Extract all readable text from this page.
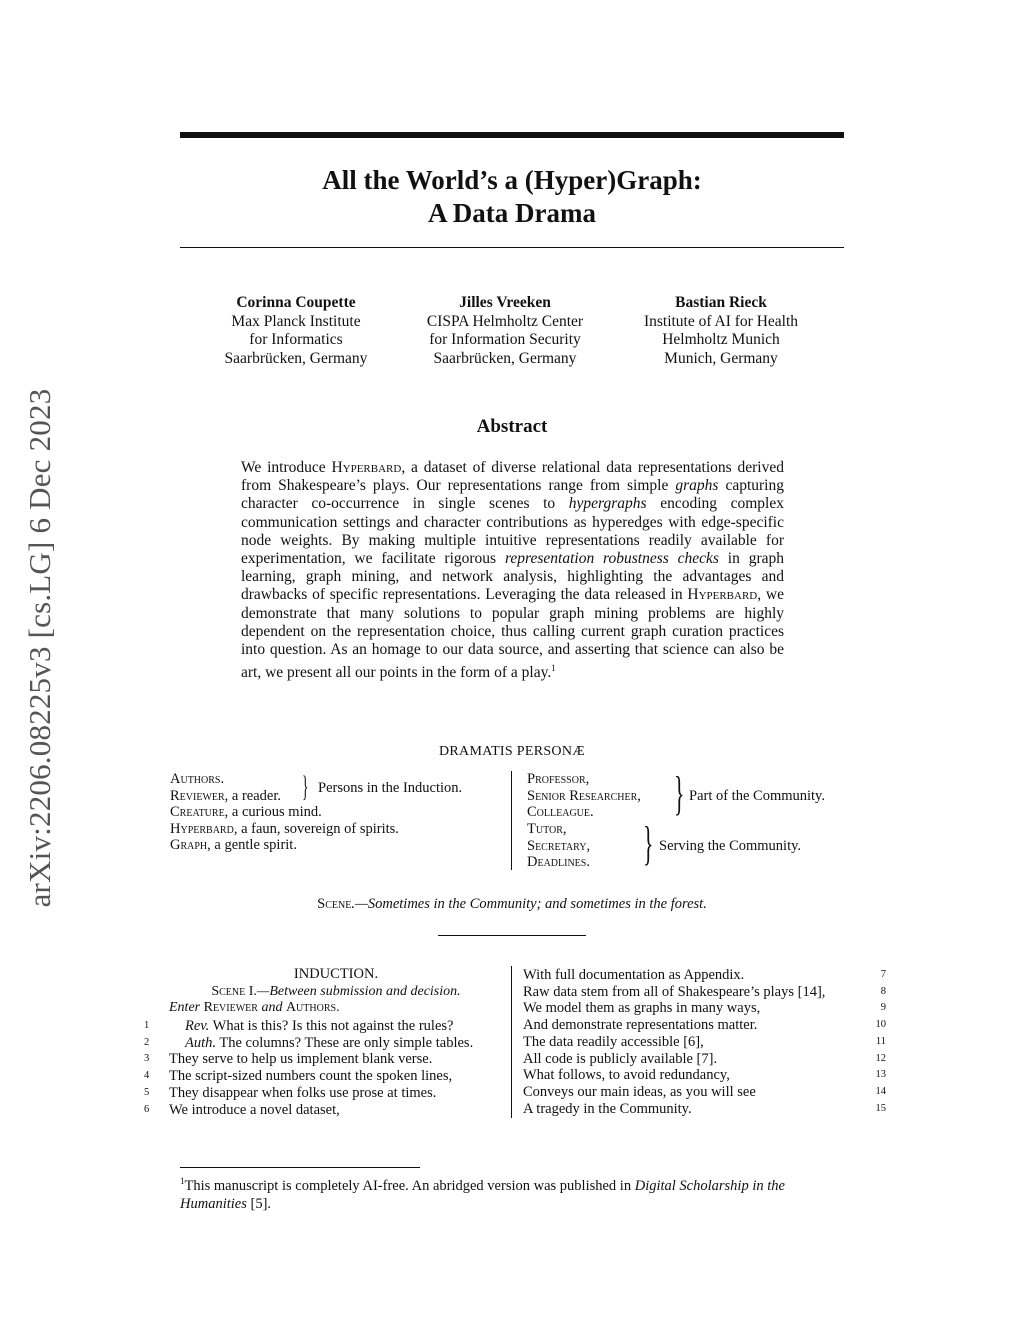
arXiv:2206.08225v3 [cs.LG] 6 Dec 2023
All the World’s a (Hyper)Graph:
A Data Drama
Corinna Coupette
Max Planck Institute
for Informatics
Saarbrücken, Germany
Jilles Vreeken
CISPA Helmholtz Center
for Information Security
Saarbrücken, Germany
Bastian Rieck
Institute of AI for Health
Helmholtz Munich
Munich, Germany
Abstract
We introduce Hyperbard, a dataset of diverse relational data representations derived from Shakespeare’s plays. Our representations range from simple graphs capturing character co-occurrence in single scenes to hypergraphs encoding complex communication settings and character contributions as hyperedges with edge-specific node weights. By making multiple intuitive representations readily available for experimentation, we facilitate rigorous representation robustness checks in graph learning, graph mining, and network analysis, highlighting the advantages and drawbacks of specific representations. Leveraging the data released in Hyperbard, we demonstrate that many solutions to popular graph mining problems are highly dependent on the representation choice, thus calling current graph curation practices into question. As an homage to our data source, and asserting that science can also be art, we present all our points in the form of a play.$^1$
DRAMATIS PERSONÆ
Authors.
Reviewer, a reader.
Creature, a curious mind.
Hyperbard, a faun, sovereign of spirits.
Graph, a gentle spirit.
} Persons in the Induction.
Professor,
Senior Researcher,
Colleague.	} Part of the Community.
Tutor,
Secretary,
Deadlines. } Serving the Community.
Scene.—Sometimes in the Community; and sometimes in the forest.
INDUCTION.
Scene I.—Between submission and decision.
Enter Reviewer and Authors.
1 Rev. What is this? Is this not against the rules?
2 Auth. The columns? These are only simple tables.
3 They serve to help us implement blank verse.
4 The script-sized numbers count the spoken lines,
5 They disappear when folks use prose at times.
6 We introduce a novel dataset,
With full documentation as Appendix.	7
Raw data stem from all of Shakespeare’s plays [14],	8
We model them as graphs in many ways,	9
And demonstrate representations matter.	10
The data readily accessible [6],	11
All code is publicly available [7].	12
What follows, to avoid redundancy,	13
Conveys our main ideas, as you will see	14
A tragedy in the Community.	15
$^1$This manuscript is completely AI-free. An abridged version was published in Digital Scholarship in the Humanities [5].
